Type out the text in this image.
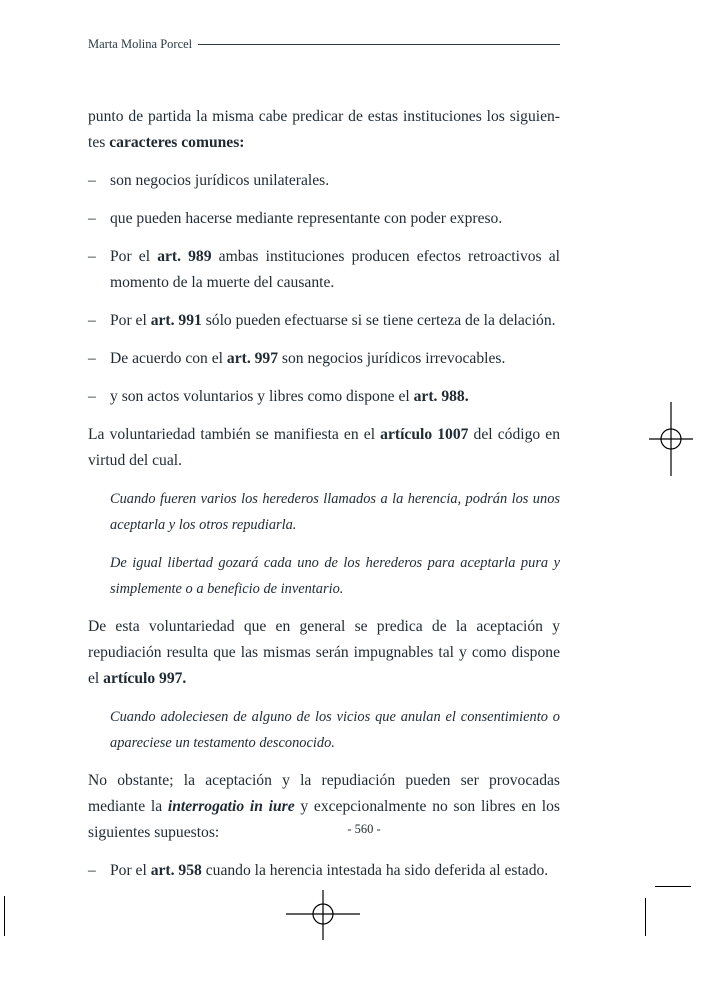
Marta Molina Porcel

punto de partida la misma cabe predicar de estas instituciones los siguien-tes caracteres comunes:

– son negocios jurídicos unilaterales.
– que pueden hacerse mediante representante con poder expreso.
– Por el art. 989 ambas instituciones producen efectos retroactivos al momento de la muerte del causante.
– Por el art. 991 sólo pueden efectuarse si se tiene certeza de la delación.
– De acuerdo con el art. 997 son negocios jurídicos irrevocables.
– y son actos voluntarios y libres como dispone el art. 988.

La voluntariedad también se manifiesta en el artículo 1007 del código en virtud del cual.

Cuando fueren varios los herederos llamados a la herencia, podrán los unos aceptarla y los otros repudiarla.

De igual libertad gozará cada uno de los herederos para aceptarla pura y simplemente o a beneficio de inventario.

De esta voluntariedad que en general se predica de la aceptación y repudiación resulta que las mismas serán impugnables tal y como dispone el artículo 997.

Cuando adoleciesen de alguno de los vicios que anulan el consentimiento o apareciese un testamento desconocido.

No obstante; la aceptación y la repudiación pueden ser provocadas mediante la interrogatio in iure y excepcionalmente no son libres en los siguientes supuestos:

– Por el art. 958 cuando la herencia intestada ha sido deferida al estado.
- 560 -
